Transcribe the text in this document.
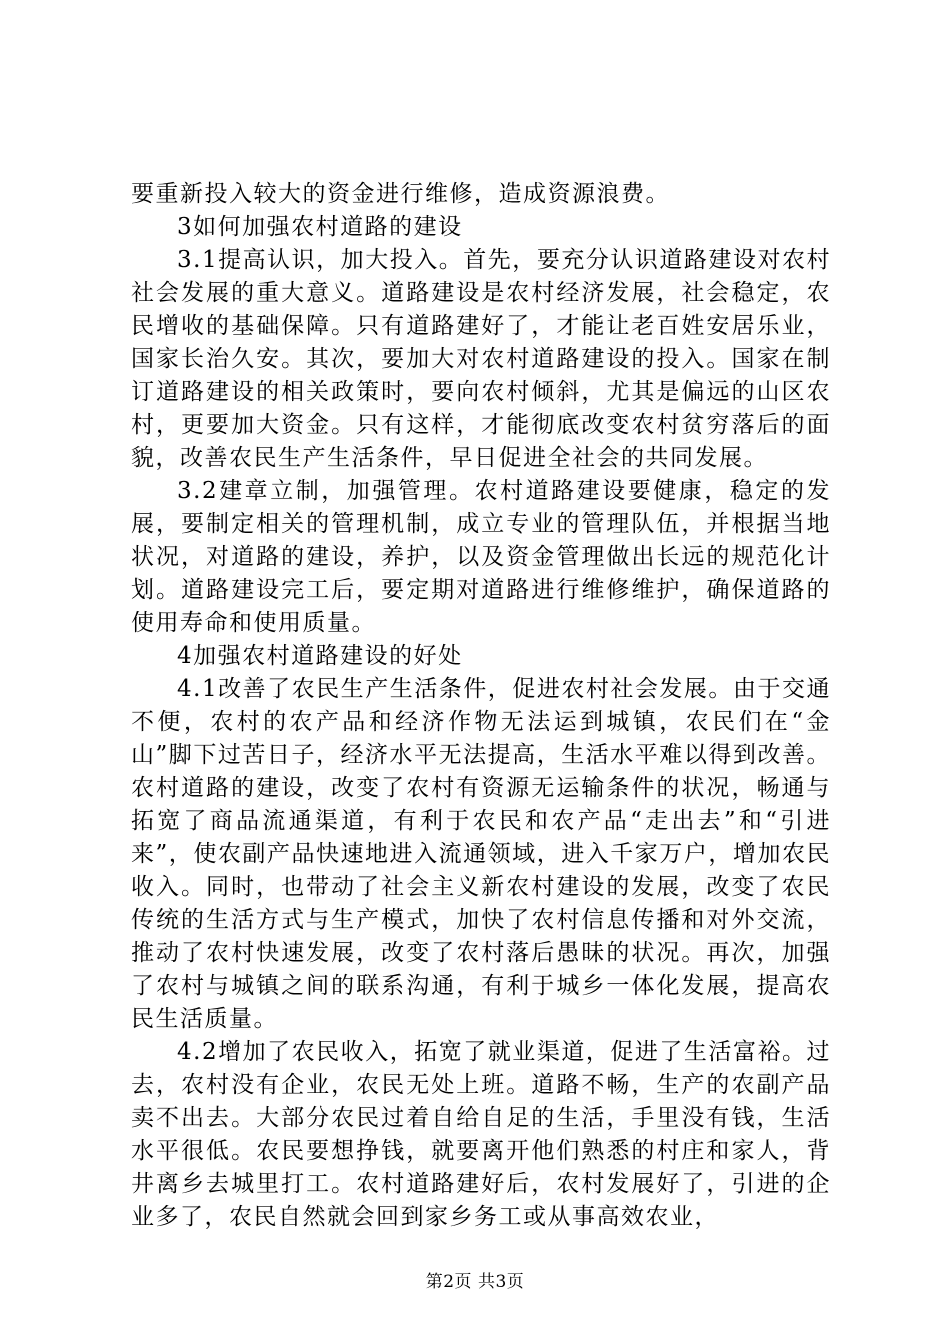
要重新投入较大的资金进行维修，造成资源浪费。

3如何加强农村道路的建设

3.1提高认识，加大投入。首先，要充分认识道路建设对农村社会发展的重大意义。道路建设是农村经济发展，社会稳定，农民增收的基础保障。只有道路建好了，才能让老百姓安居乐业，国家长治久安。其次，要加大对农村道路建设的投入。国家在制订道路建设的相关政策时，要向农村倾斜，尤其是偏远的山区农村，更要加大资金。只有这样，才能彻底改变农村贫穷落后的面貌，改善农民生产生活条件，早日促进全社会的共同发展。

3.2建章立制，加强管理。农村道路建设要健康，稳定的发展，要制定相关的管理机制，成立专业的管理队伍，并根据当地状况，对道路的建设，养护，以及资金管理做出长远的规范化计划。道路建设完工后，要定期对道路进行维修维护，确保道路的使用寿命和使用质量。

4加强农村道路建设的好处

4.1改善了农民生产生活条件，促进农村社会发展。由于交通不便，农村的农产品和经济作物无法运到城镇，农民们在“金山”脚下过苦日子，经济水平无法提高，生活水平难以得到改善。农村道路的建设，改变了农村有资源无运输条件的状况，畅通与拓宽了商品流通渠道，有利于农民和农产品“走出去”和“引进来”，使农副产品快速地进入流通领域，进入千家万户，增加农民收入。同时，也带动了社会主义新农村建设的发展，改变了农民传统的生活方式与生产模式，加快了农村信息传播和对外交流，推动了农村快速发展，改变了农村落后愚昧的状况。再次，加强了农村与城镇之间的联系沟通，有利于城乡一体化发展，提高农民生活质量。

4.2增加了农民收入，拓宽了就业渠道，促进了生活富裕。过去，农村没有企业，农民无处上班。道路不畅，生产的农副产品卖不出去。大部分农民过着自给自足的生活，手里没有钱，生活水平很低。农民要想挣钱，就要离开他们熟悉的村庄和家人，背井离乡去城里打工。农村道路建好后，农村发展好了，引进的企业多了，农民自然就会回到家乡务工或从事高效农业，

第2页 共3页
